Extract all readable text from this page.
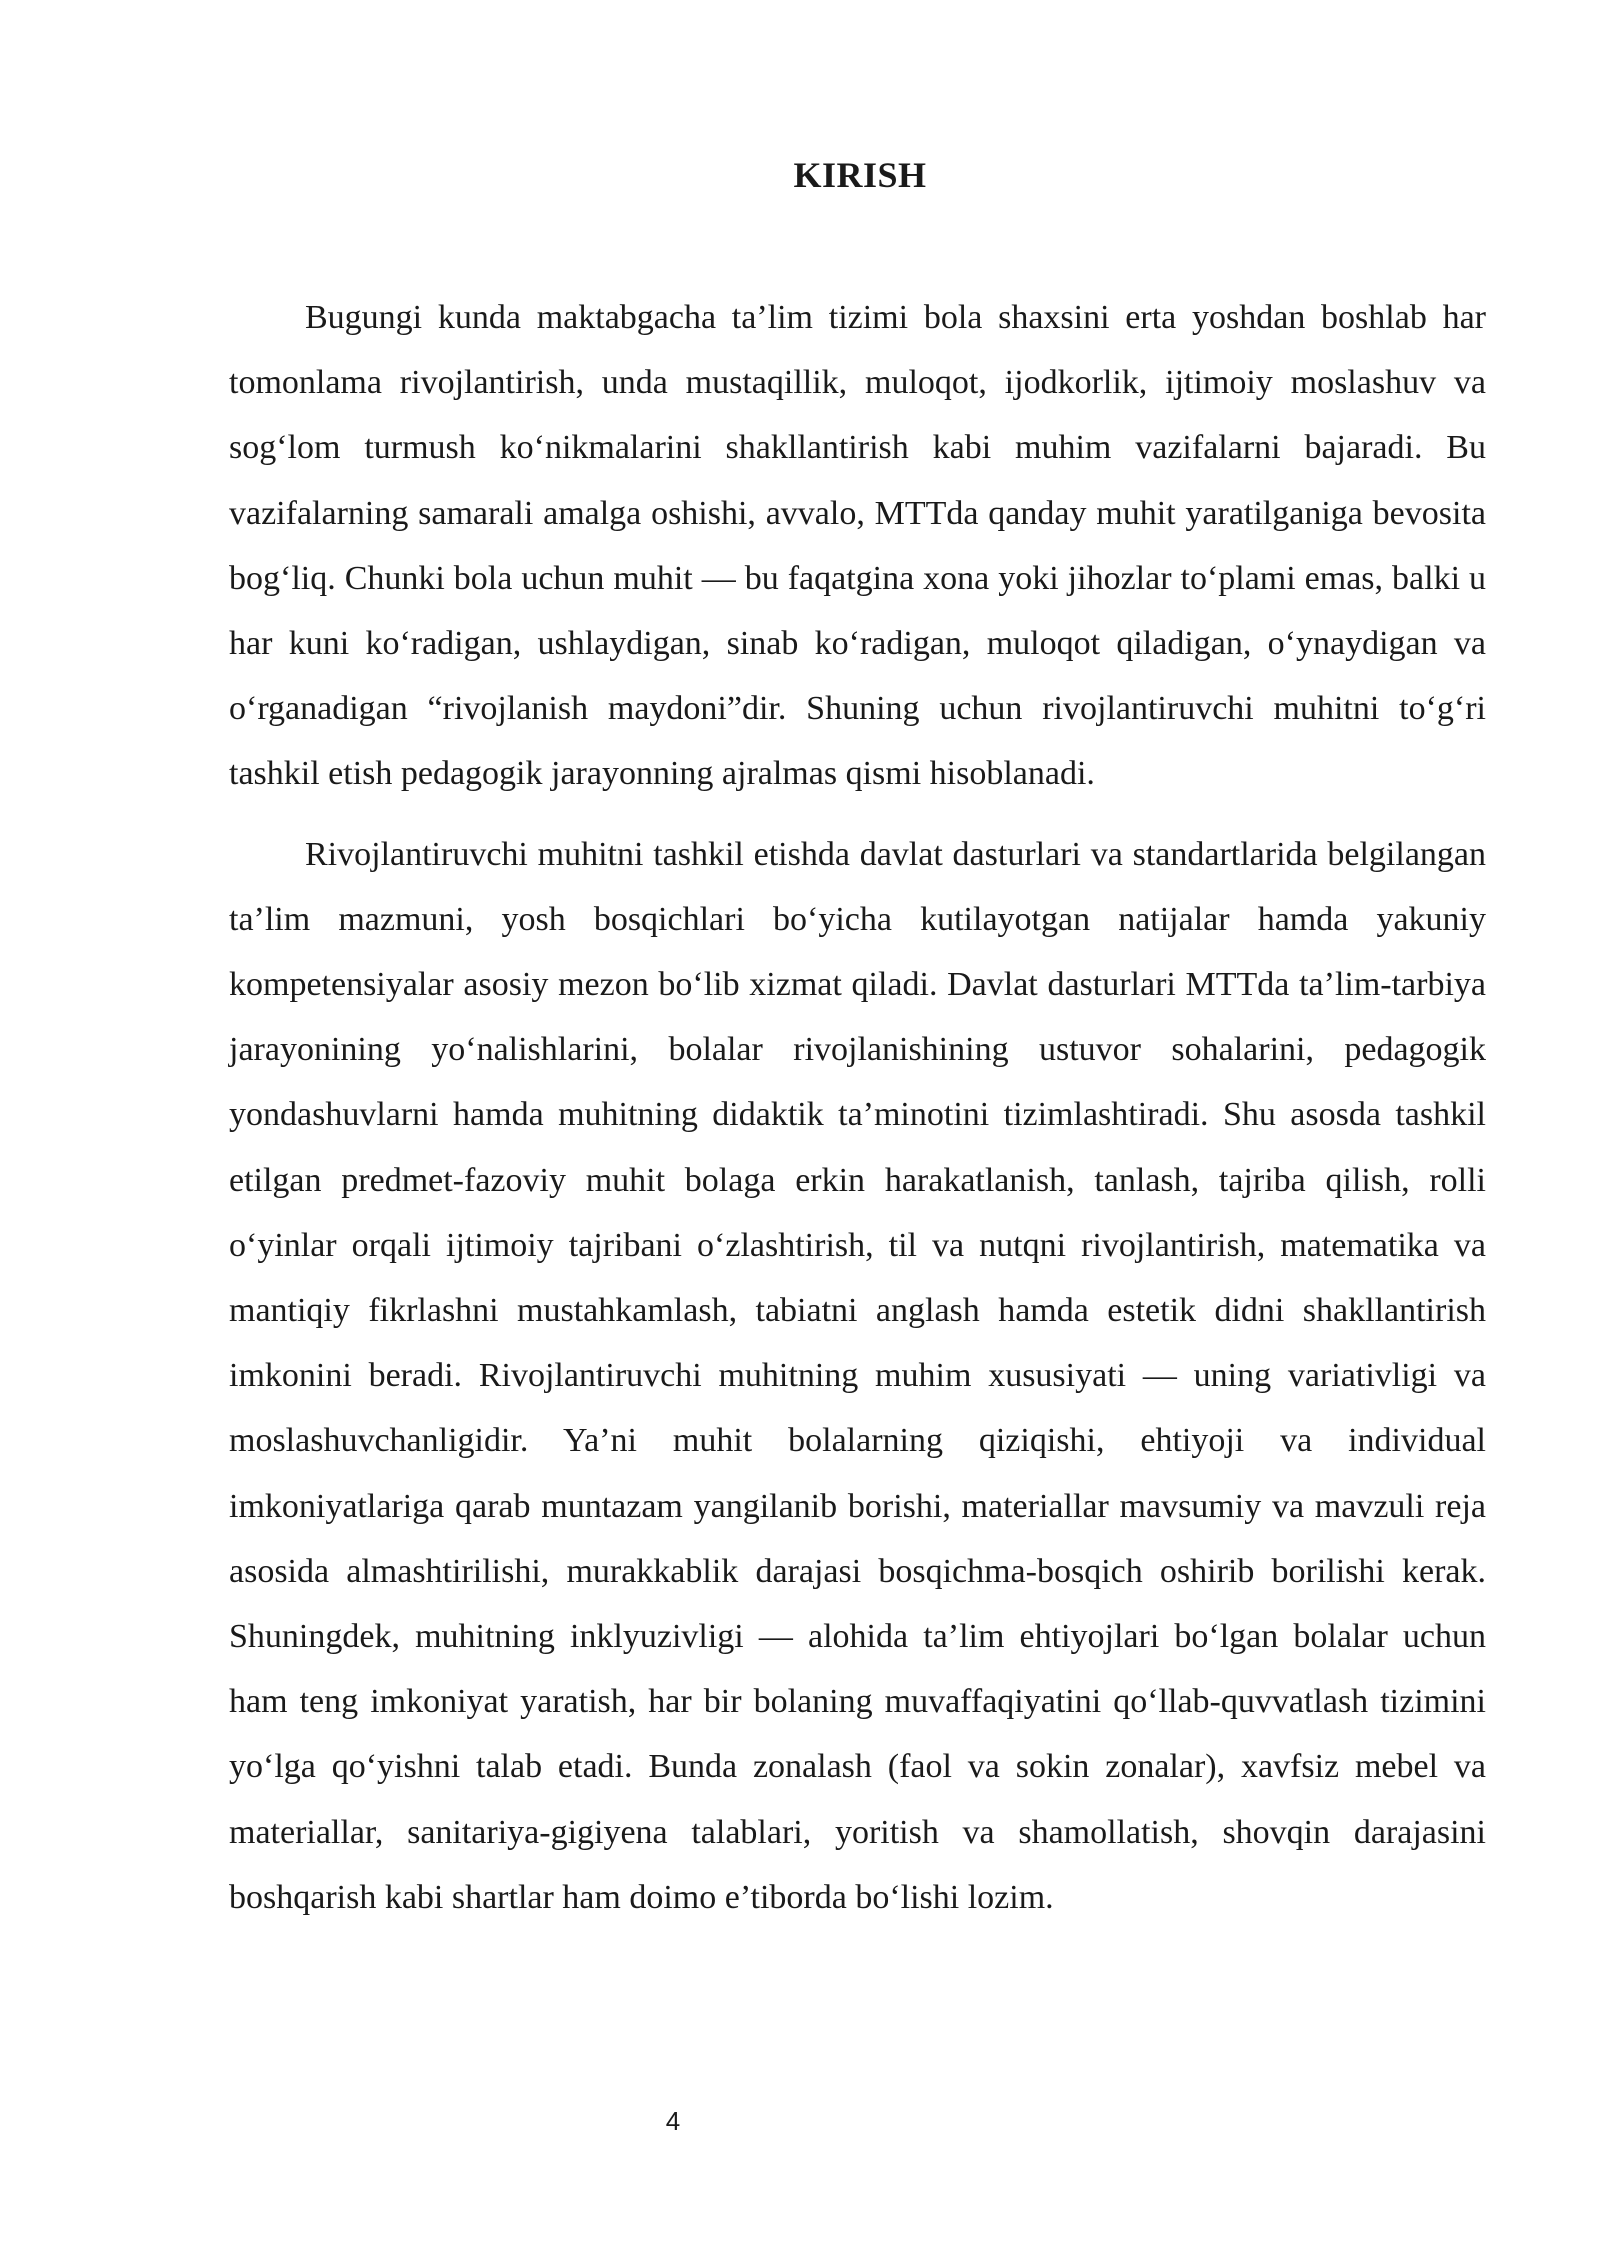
KIRISH

Bugungi kunda maktabgacha ta’lim tizimi bola shaxsini erta yoshdan boshlab har tomonlama rivojlantirish, unda mustaqillik, muloqot, ijodkorlik, ijtimoiy moslashuv va sog‘lom turmush ko‘nikmalarini shakllantirish kabi muhim vazifalarni bajaradi. Bu vazifalarning samarali amalga oshishi, avvalo, MTTda qanday muhit yaratilganiga bevosita bog‘liq. Chunki bola uchun muhit — bu faqatgina xona yoki jihozlar to‘plami emas, balki u har kuni ko‘radigan, ushlaydigan, sinab ko‘radigan, muloqot qiladigan, o‘ynaydigan va o‘rganadigan “rivojlanish maydoni”dir. Shuning uchun rivojlantiruvchi muhitni to‘g‘ri tashkil etish pedagogik jarayonning ajralmas qismi hisoblanadi.

Rivojlantiruvchi muhitni tashkil etishda davlat dasturlari va standartlarida belgilangan ta’lim mazmuni, yosh bosqichlari bo‘yicha kutilayotgan natijalar hamda yakuniy kompetensiyalar asosiy mezon bo‘lib xizmat qiladi. Davlat dasturlari MTTda ta’lim-tarbiya jarayonining yo‘nalishlarini, bolalar rivojlanishining ustuvor sohalarini, pedagogik yondashuvlarni hamda muhitning didaktik ta’minotini tizimlashtiradi. Shu asosda tashkil etilgan predmet-fazoviy muhit bolaga erkin harakatlanish, tanlash, tajriba qilish, rolli o‘yinlar orqali ijtimoiy tajribani o‘zlashtirish, til va nutqni rivojlantirish, matematika va mantiqiy fikrlashni mustahkamlash, tabiatni anglash hamda estetik didni shakllantirish imkonini beradi. Rivojlantiruvchi muhitning muhim xususiyati — uning variativligi va moslashuvchanligidir. Ya’ni muhit bolalarning qiziqishi, ehtiyoji va individual imkoniyatlariga qarab muntazam yangilanib borishi, materiallar mavsumiy va mavzuli reja asosida almashtirilishi, murakkablik darajasi bosqichma-bosqich oshirib borilishi kerak. Shuningdek, muhitning inklyuzivligi — alohida ta’lim ehtiyojlari bo‘lgan bolalar uchun ham teng imkoniyat yaratish, har bir bolaning muvaffaqiyatini qo‘llab-quvvatlash tizimini yo‘lga qo‘yishni talab etadi. Bunda zonalash (faol va sokin zonalar), xavfsiz mebel va materiallar, sanitariya-gigiyena talablari, yoritish va shamollatish, shovqin darajasini boshqarish kabi shartlar ham doimo e’tiborda bo‘lishi lozim.

4
